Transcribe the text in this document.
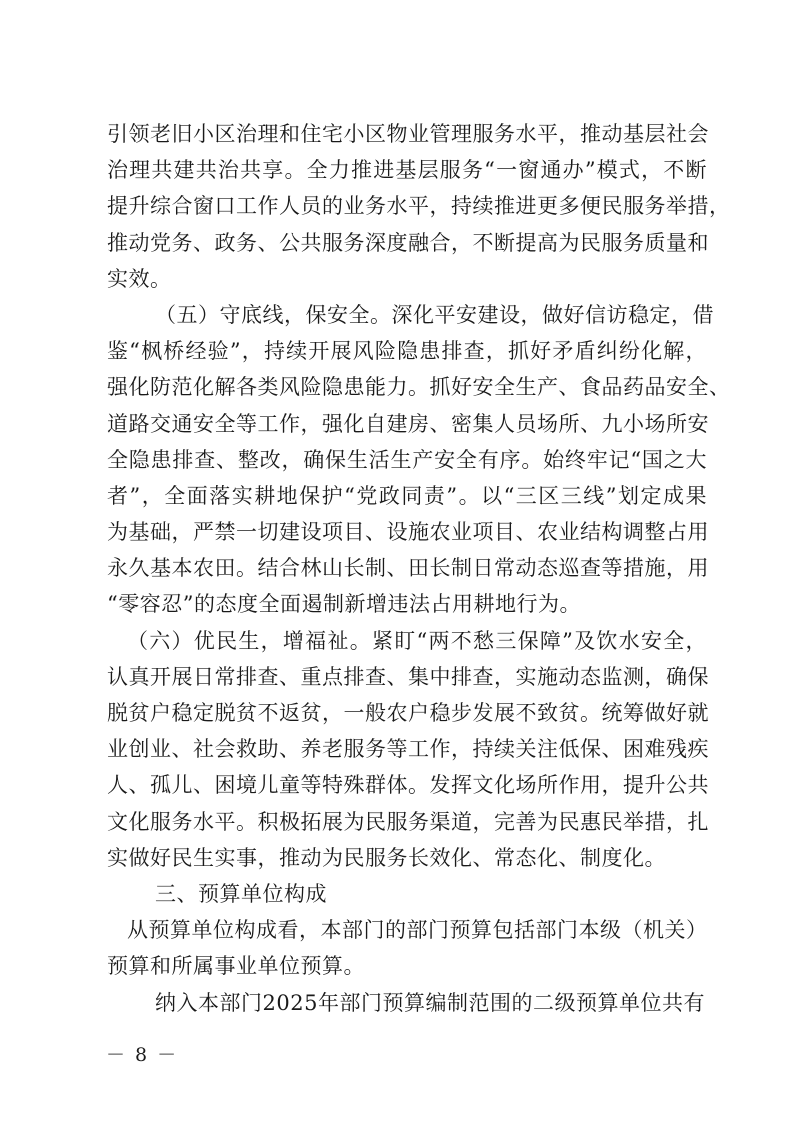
引领老旧小区治理和住宅小区物业管理服务水平，推动基层社会
治理共建共治共享。全力推进基层服务“一窗通办”模式，不断
提升综合窗口工作人员的业务水平，持续推进更多便民服务举措，
推动党务、政务、公共服务深度融合，不断提高为民服务质量和
实效。
（五）守底线，保安全。深化平安建设，做好信访稳定，借
鉴“枫桥经验”，持续开展风险隐患排查，抓好矛盾纠纷化解，
强化防范化解各类风险隐患能力。抓好安全生产、食品药品安全、
道路交通安全等工作，强化自建房、密集人员场所、九小场所安
全隐患排查、整改，确保生活生产安全有序。始终牢记“国之大
者”，全面落实耕地保护“党政同责”。以“三区三线”划定成果
为基础，严禁一切建设项目、设施农业项目、农业结构调整占用
永久基本农田。结合林山长制、田长制日常动态巡查等措施，用
“零容忍”的态度全面遏制新增违法占用耕地行为。
（六）优民生，增福祉。紧盯“两不愁三保障”及饮水安全，
认真开展日常排查、重点排查、集中排查，实施动态监测，确保
脱贫户稳定脱贫不返贫，一般农户稳步发展不致贫。统筹做好就
业创业、社会救助、养老服务等工作，持续关注低保、困难残疾
人、孤儿、困境儿童等特殊群体。发挥文化场所作用，提升公共
文化服务水平。积极拓展为民服务渠道，完善为民惠民举措，扎
实做好民生实事，推动为民服务长效化、常态化、制度化。
三、预算单位构成
从预算单位构成看，本部门的部门预算包括部门本级（机关）
预算和所属事业单位预算。
纳入本部门2025年部门预算编制范围的二级预算单位共有
－ 8 －
